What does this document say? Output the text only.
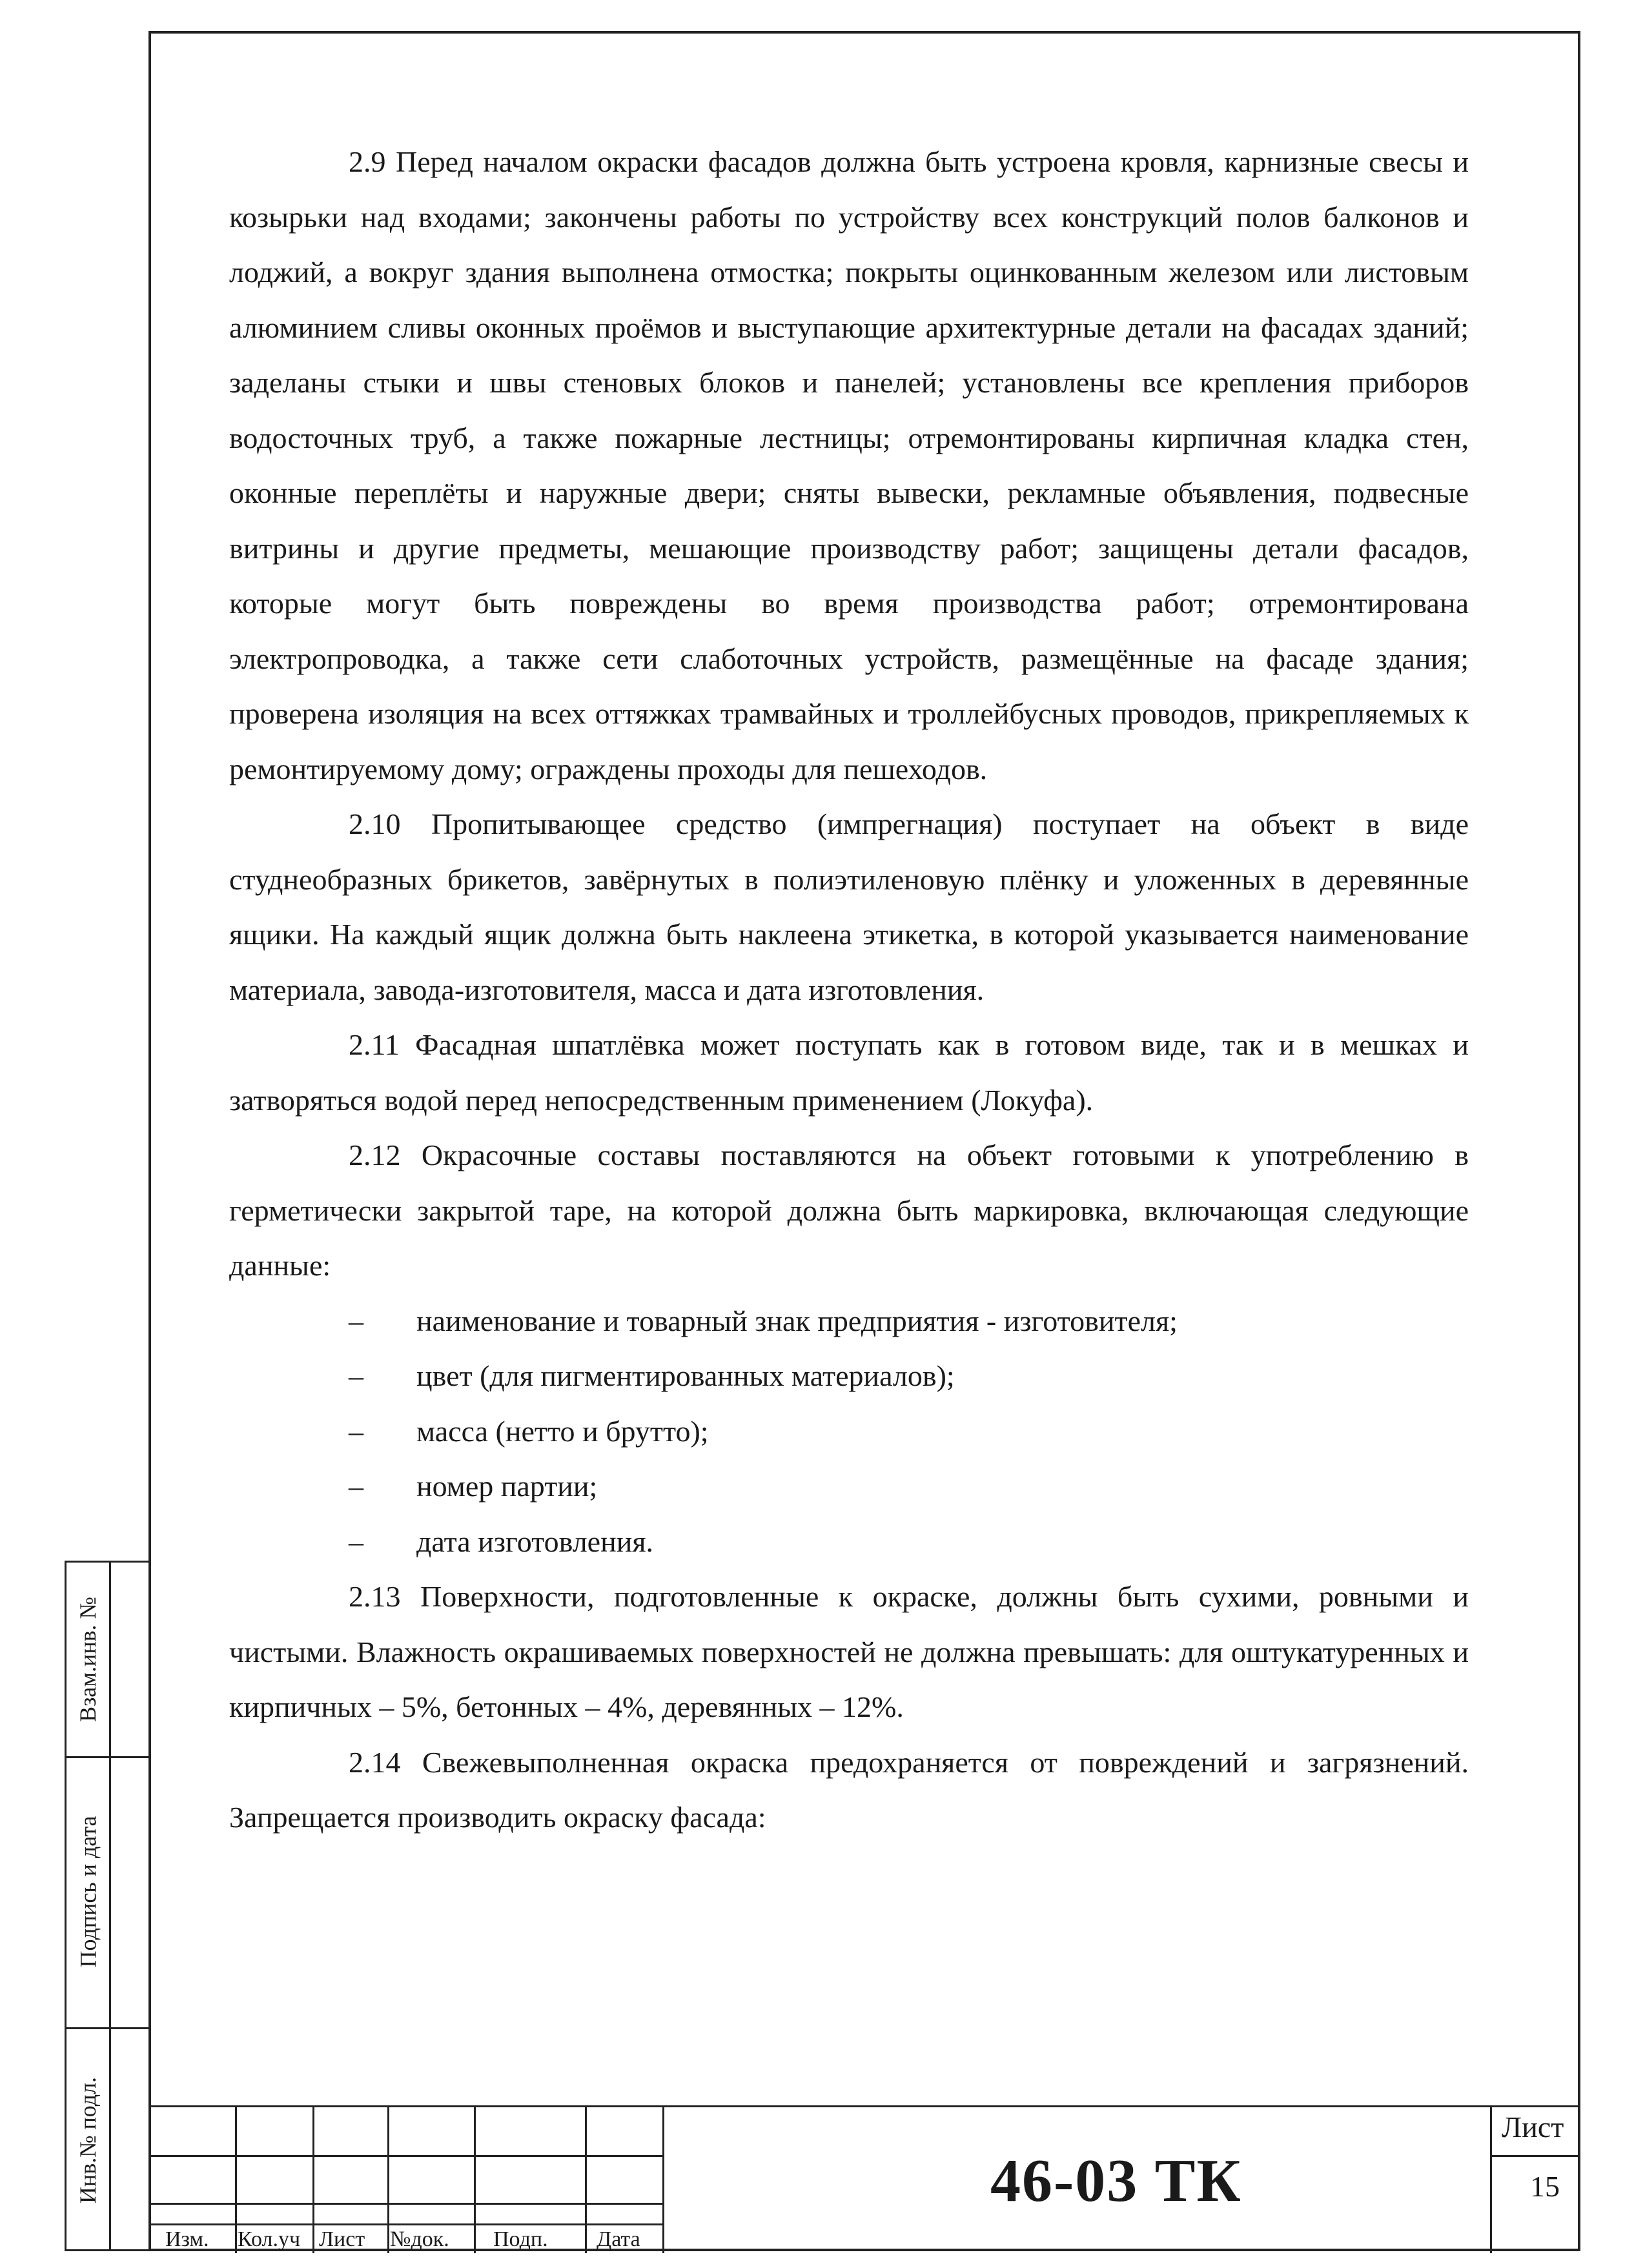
2.9 Перед началом окраски фасадов должна быть устроена кровля, карнизные свесы и козырьки над входами; закончены работы по устройству всех конструкций полов балконов и лоджий, а вокруг здания выполнена отмостка; покрыты оцинкованным железом или листовым алюминием сливы оконных проёмов и выступающие архитектурные детали на фасадах зданий; заделаны стыки и швы стеновых блоков и панелей; установлены все крепления приборов водосточных труб, а также пожарные лестницы; отремонтированы кирпичная кладка стен, оконные переплёты и наружные двери; сняты вывески, рекламные объявления, подвесные витрины и другие предметы, мешающие производству работ; защищены детали фасадов, которые могут быть повреждены во время производства работ; отремонтирована электропроводка, а также сети слаботочных устройств, размещённые на фасаде здания; проверена изоляция на всех оттяжках трамвайных и троллейбусных проводов, прикрепляемых к ремонтируемому дому; ограждены проходы для пешеходов.

2.10 Пропитывающее средство (импрегнация) поступает на объект в виде студнеобразных брикетов, завёрнутых в полиэтиленовую плёнку и уложенных в деревянные ящики. На каждый ящик должна быть наклеена этикетка, в которой указывается наименование материала, завода-изготовителя, масса и дата изготовления.

2.11 Фасадная шпатлёвка может поступать как в готовом виде, так и в мешках и затворяться водой перед непосредственным применением (Локуфа).

2.12 Окрасочные составы поставляются на объект готовыми к употреблению в герметически закрытой таре, на которой должна быть маркировка, включающая следующие данные:

– наименование и товарный знак предприятия - изготовителя;
– цвет (для пигментированных материалов);
– масса (нетто и брутто);
– номер партии;
– дата изготовления.

2.13 Поверхности, подготовленные к окраске, должны быть сухими, ровными и чистыми. Влажность окрашиваемых поверхностей не должна превышать: для оштукатуренных и кирпичных – 5%, бетонных – 4%, деревянных – 12%.

2.14 Свежевыполненная окраска предохраняется от повреждений и загрязнений. Запрещается производить окраску фасада:

Взам.инв. №
Подпись и дата
Инв.№ подл.
Изм. Кол.уч Лист №док. Подп. Дата
46-03 ТК
Лист
15
